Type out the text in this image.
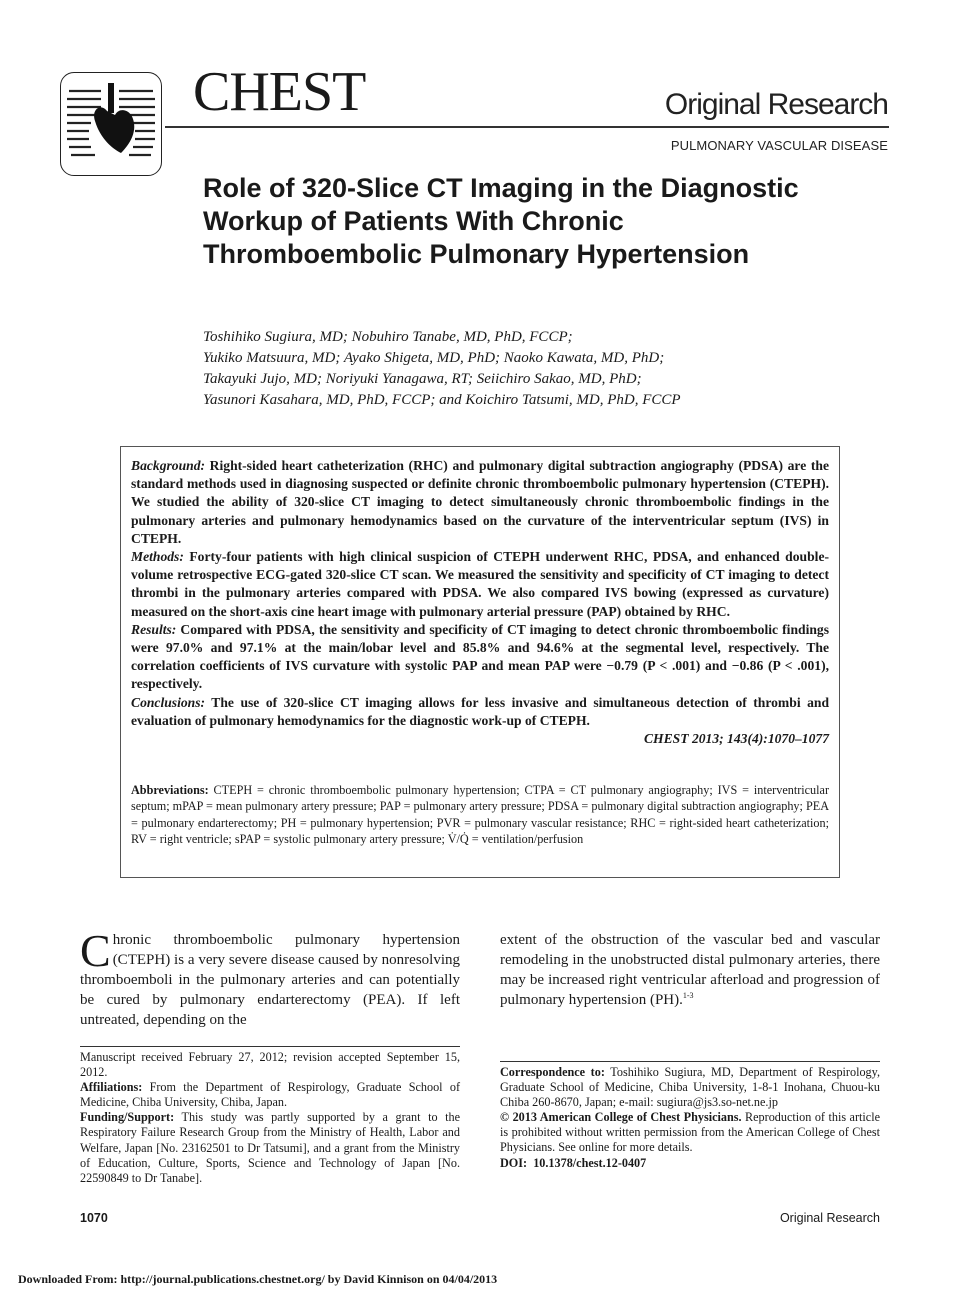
CHEST	Original Research
PULMONARY VASCULAR DISEASE
Role of 320-Slice CT Imaging in the Diagnostic Workup of Patients With Chronic Thromboembolic Pulmonary Hypertension
Toshihiko Sugiura, MD; Nobuhiro Tanabe, MD, PhD, FCCP;
Yukiko Matsuura, MD; Ayako Shigeta, MD, PhD; Naoko Kawata, MD, PhD;
Takayuki Jujo, MD; Noriyuki Yanagawa, RT; Seiichiro Sakao, MD, PhD;
Yasunori Kasahara, MD, PhD, FCCP; and Koichiro Tatsumi, MD, PhD, FCCP

Background: Right-sided heart catheterization (RHC) and pulmonary digital subtraction angiography (PDSA) are the standard methods used in diagnosing suspected or definite chronic thromboembolic pulmonary hypertension (CTEPH). We studied the ability of 320-slice CT imaging to detect simultaneously chronic thromboembolic findings in the pulmonary arteries and pulmonary hemodynamics based on the curvature of the interventricular septum (IVS) in CTEPH.

Methods: Forty-four patients with high clinical suspicion of CTEPH underwent RHC, PDSA, and enhanced double-volume retrospective ECG-gated 320-slice CT scan. We measured the sensitivity and specificity of CT imaging to detect thrombi in the pulmonary arteries compared with PDSA. We also compared IVS bowing (expressed as curvature) measured on the short-axis cine heart image with pulmonary arterial pressure (PAP) obtained by RHC.

Results: Compared with PDSA, the sensitivity and specificity of CT imaging to detect chronic thromboembolic findings were 97.0% and 97.1% at the main/lobar level and 85.8% and 94.6% at the segmental level, respectively. The correlation coefficients of IVS curvature with systolic PAP and mean PAP were −0.79 (P < .001) and −0.86 (P < .001), respectively.

Conclusions: The use of 320-slice CT imaging allows for less invasive and simultaneous detection of thrombi and evaluation of pulmonary hemodynamics for the diagnostic work-up of CTEPH.

CHEST 2013; 143(4):1070–1077

Abbreviations: CTEPH = chronic thromboembolic pulmonary hypertension; CTPA = CT pulmonary angiography; IVS = interventricular septum; mPAP = mean pulmonary artery pressure; PAP = pulmonary artery pressure; PDSA = pulmonary digital subtraction angiography; PEA = pulmonary endarterectomy; PH = pulmonary hypertension; PVR = pulmonary vascular resistance; RHC = right-sided heart catheterization; RV = right ventricle; sPAP = systolic pulmonary artery pressure; V̇/Q̇ = ventilation/perfusion
Chronic thromboembolic pulmonary hypertension (CTEPH) is a very severe disease caused by nonresolving thromboemboli in the pulmonary arteries and can potentially be cured by pulmonary endarterectomy (PEA). If left untreated, depending on the
extent of the obstruction of the vascular bed and vascular remodeling in the unobstructed distal pulmonary arteries, there may be increased right ventricular afterload and progression of pulmonary hypertension (PH).$^{1-3}$

Manuscript received February 27, 2012; revision accepted September 15, 2012.

Affiliations: From the Department of Respirology, Graduate School of Medicine, Chiba University, Chiba, Japan.

Funding/Support: This study was partly supported by a grant to the Respiratory Failure Research Group from the Ministry of Health, Labor and Welfare, Japan [No. 23162501 to Dr Tatsumi], and a grant from the Ministry of Education, Culture, Sports, Science and Technology of Japan [No. 22590849 to Dr Tanabe].

Correspondence to: Toshihiko Sugiura, MD, Department of Respirology, Graduate School of Medicine, Chiba University, 1-8-1 Inohana, Chuou-ku Chiba 260-8670, Japan; e-mail: sugiura@js3.so-net.ne.jp

© 2013 American College of Chest Physicians. Reproduction of this article is prohibited without written permission from the American College of Chest Physicians. See online for more details.

DOI: 10.1378/chest.12-0407

1070	Original Research
Downloaded From: http://journal.publications.chestnet.org/ by David Kinnison on 04/04/2013
